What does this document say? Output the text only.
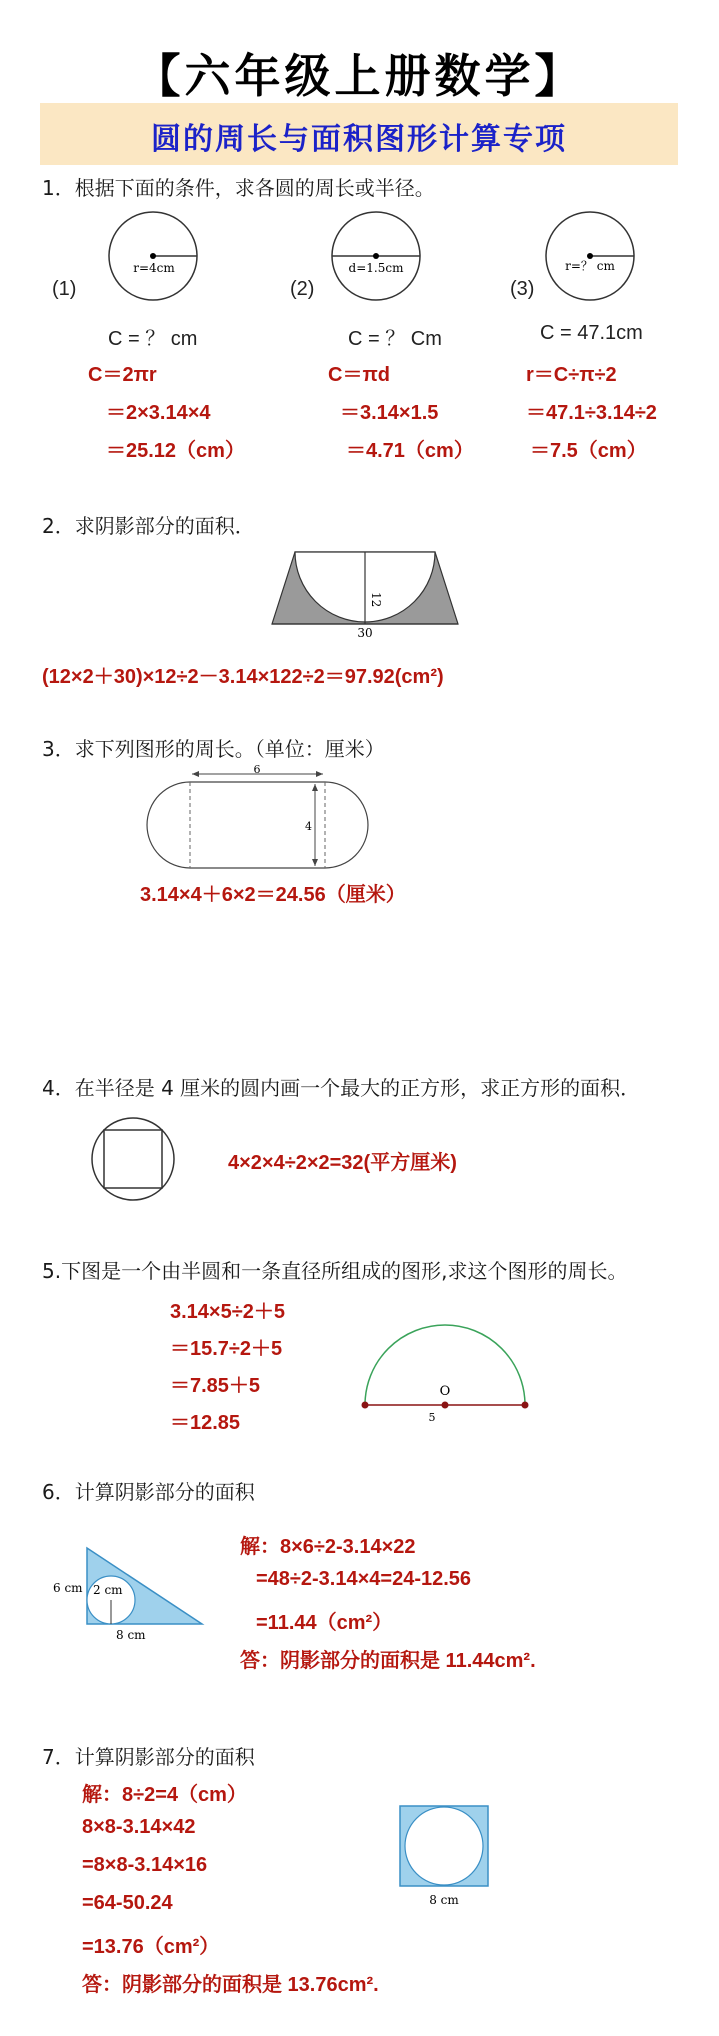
【六年级上册数学】
圆的周长与面积图形计算专项
1．根据下面的条件，求各圆的周长或半径。
r=4cm	d=1.5cm	r=？ cm
(1)	(2)	(3)
C = ？ cm	C = ？ Cm	C = 47.1cm
C＝2πr
＝2×3.14×4
＝25.12（cm）
C＝πd
＝3.14×1.5
＝4.71（cm）
r＝C÷π÷2
＝47.1÷3.14÷2
＝7.5（cm）
2．求阴影部分的面积．
12
30
(12×2＋30)×12÷2－3.14×122÷2＝97.92(cm²)
3．求下列图形的周长。（单位：厘米）
6
4
3.14×4＋6×2＝24.56（厘米）
4．在半径是 4 厘米的圆内画一个最大的正方形，求正方形的面积．
4×2×4÷2×2=32(平方厘米)
5.下图是一个由半圆和一条直径所组成的图形,求这个图形的周长。
3.14×5÷2＋5
＝15.7÷2＋5
＝7.85＋5
＝12.85
O
5
6．计算阴影部分的面积
6 cm 2 cm
8 cm
解：8×6÷2-3.14×22
=48÷2-3.14×4=24-12.56
=11.44（cm²）
答：阴影部分的面积是 11.44cm².
7．计算阴影部分的面积
解：8÷2=4（cm）
8×8-3.14×42
=8×8-3.14×16
=64-50.24
=13.76（cm²）
答：阴影部分的面积是 13.76cm².
8 cm
